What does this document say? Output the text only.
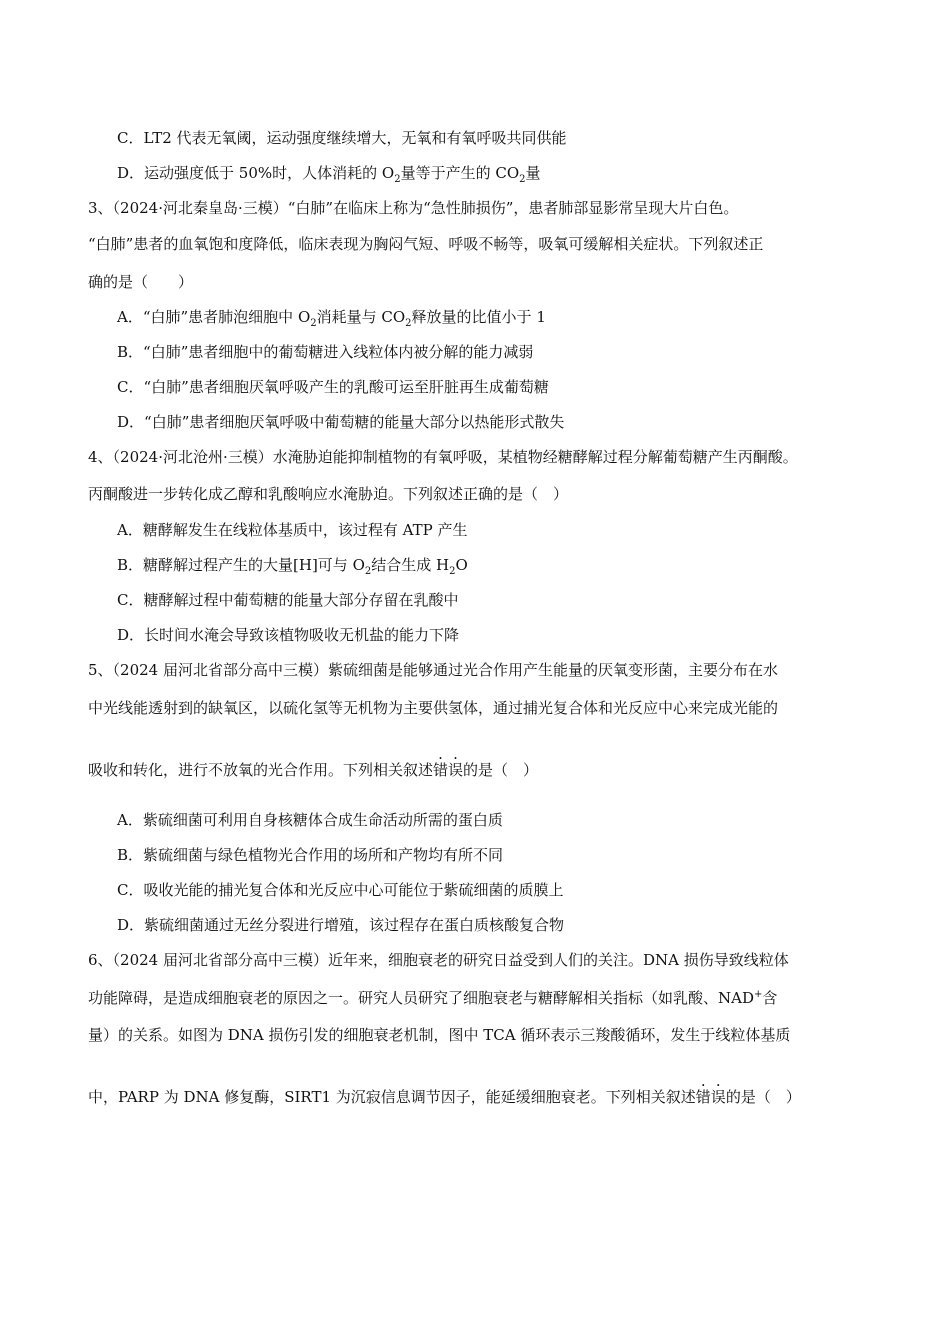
C．LT2 代表无氧阈，运动强度继续增大，无氧和有氧呼吸共同供能
D．运动强度低于 50%时，人体消耗的 $O_2$量等于产生的 $CO_2$量
3、（2024·河北秦皇岛·三模）“白肺”在临床上称为“急性肺损伤”，患者肺部显影常呈现大片白色。
“白肺”患者的血氧饱和度降低，临床表现为胸闷气短、呼吸不畅等，吸氧可缓解相关症状。下列叙述正
确的是（　　）
A．“白肺”患者肺泡细胞中 $O_2$消耗量与 $CO_2$释放量的比值小于 1
B．“白肺”患者细胞中的葡萄糖进入线粒体内被分解的能力减弱
C．“白肺”患者细胞厌氧呼吸产生的乳酸可运至肝脏再生成葡萄糖
D．“白肺”患者细胞厌氧呼吸中葡萄糖的能量大部分以热能形式散失
4、（2024·河北沧州·三模）水淹胁迫能抑制植物的有氧呼吸，某植物经糖酵解过程分解葡萄糖产生丙酮酸。
丙酮酸进一步转化成乙醇和乳酸响应水淹胁迫。下列叙述正确的是（　）
A．糖酵解发生在线粒体基质中，该过程有 ATP 产生
B．糖酵解过程产生的大量[H]可与 $O_2$结合生成 $H_2O$
C．糖酵解过程中葡萄糖的能量大部分存留在乳酸中
D．长时间水淹会导致该植物吸收无机盐的能力下降
5、（2024 届河北省部分高中三模）紫硫细菌是能够通过光合作用产生能量的厌氧变形菌，主要分布在水
中光线能透射到的缺氧区，以硫化氢等无机物为主要供氢体，通过捕光复合体和光反应中心来完成光能的
吸收和转化，进行不放氧的光合作用。下列相关叙述错误的是（　）
A．紫硫细菌可利用自身核糖体合成生命活动所需的蛋白质
B．紫硫细菌与绿色植物光合作用的场所和产物均有所不同
C．吸收光能的捕光复合体和光反应中心可能位于紫硫细菌的质膜上
D．紫硫细菌通过无丝分裂进行增殖，该过程存在蛋白质核酸复合物
6、（2024 届河北省部分高中三模）近年来，细胞衰老的研究日益受到人们的关注。DNA 损伤导致线粒体
功能障碍，是造成细胞衰老的原因之一。研究人员研究了细胞衰老与糖酵解相关指标（如乳酸、NAD+含
量）的关系。如图为 DNA 损伤引发的细胞衰老机制，图中 TCA 循环表示三羧酸循环，发生于线粒体基质
中，PARP 为 DNA 修复酶，SIRT1 为沉寂信息调节因子，能延缓细胞衰老。下列相关叙述错误的是（　）
